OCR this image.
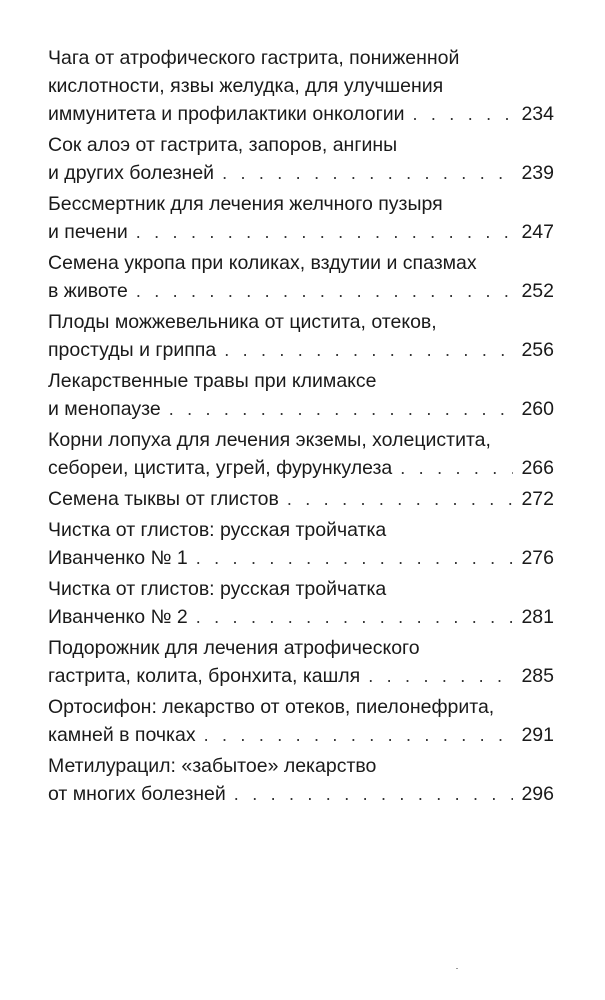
Чага от атрофического гастрита, пониженной
кислотности, язвы желудка, для улучшения
иммунитета и профилактики онкологии . . .	234
Сок алоэ от гастрита, запоров, ангины
и других болезней . . .	239
Бессмертник для лечения желчного пузыря
и печени . . .	247
Семена укропа при коликах, вздутии и спазмах
в животе . . .	252
Плоды можжевельника от цистита, отеков,
простуды и гриппа . . .	256
Лекарственные травы при климаксе
и менопаузе . . .	260
Корни лопуха для лечения экземы, холецистита,
себореи, цистита, угрей, фурункулеза . . .	266
Семена тыквы от глистов . . .	272
Чистка от глистов: русская тройчатка
Иванченко № 1 . . .	276
Чистка от глистов: русская тройчатка
Иванченко № 2 . . .	281
Подорожник для лечения атрофического
гастрита, колита, бронхита, кашля . . .	285
Ортосифон: лекарство от отеков, пиелонефрита,
камней в почках . . .	291
Метилурацил: «забытое» лекарство
от многих болезней . . .	296
